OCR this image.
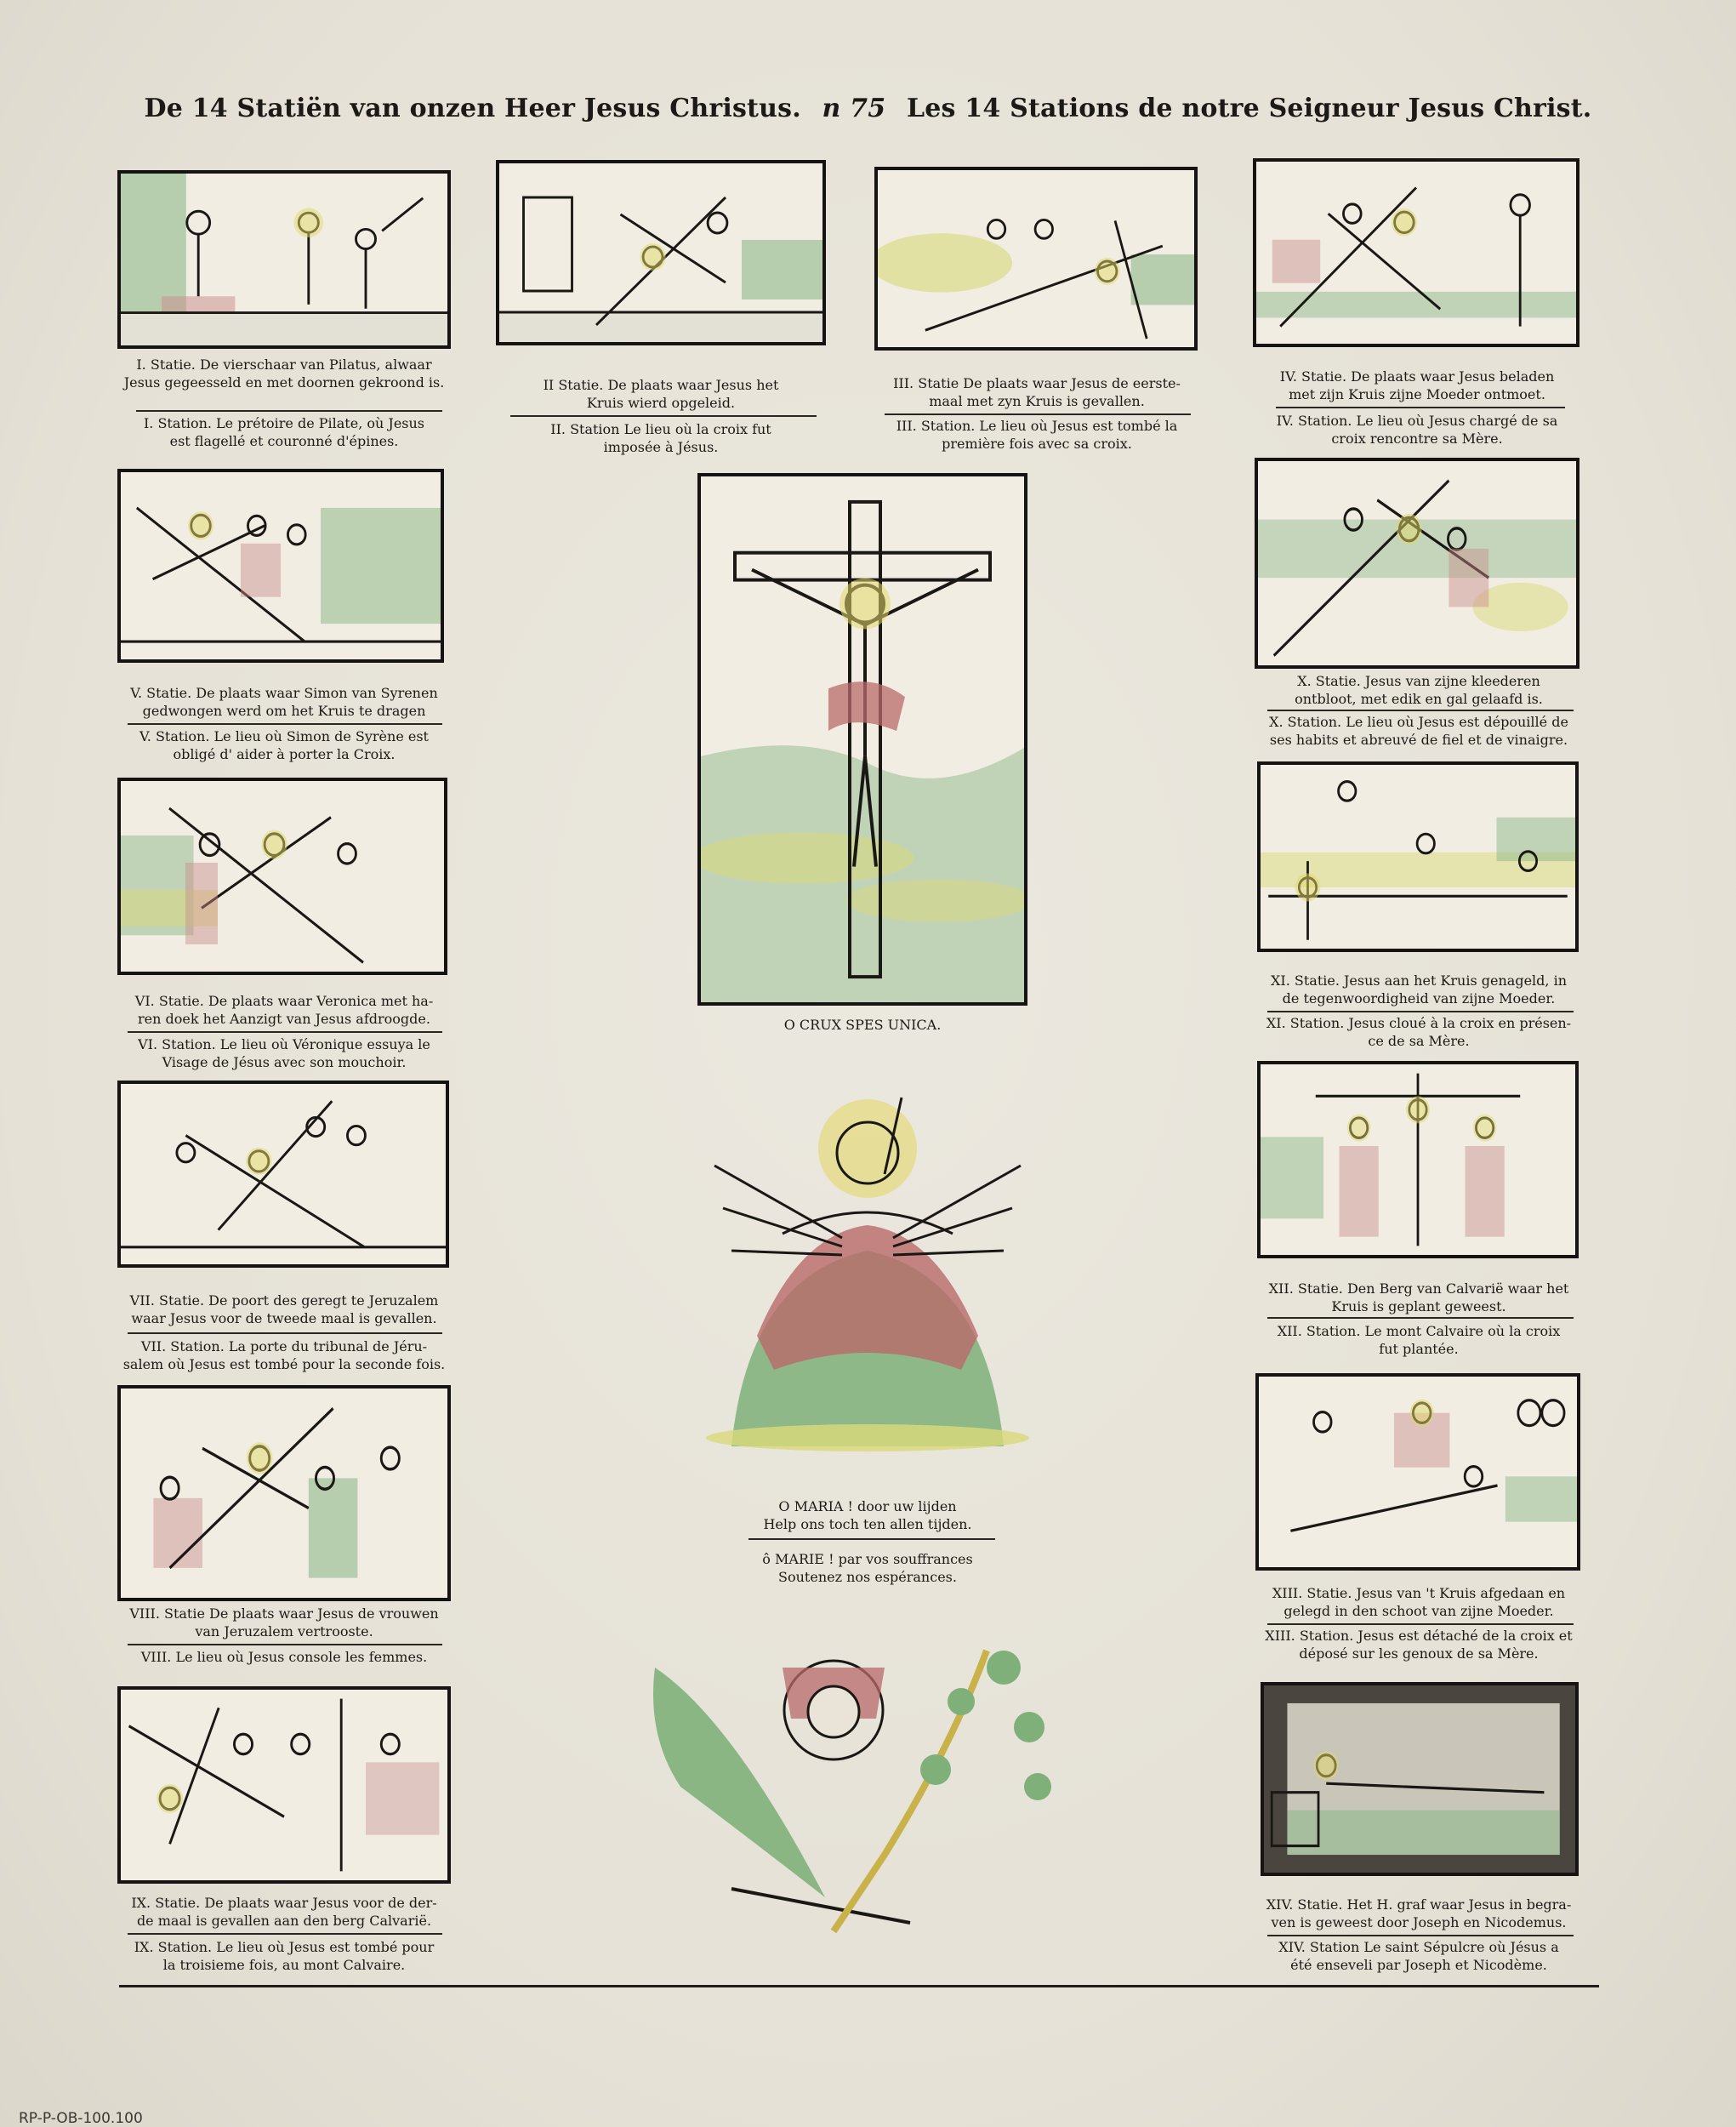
De 14 Statiën van onzen Heer Jesus Christus. n 75 Les 14 Stations de notre Seigneur Jesus Christ.
I. Statie. De vierschaar van Pilatus, alwaar
Jesus gegeesseld en met doornen gekroond is.
I. Station. Le prétoire de Pilate, où Jesus
est flagellé et couronné d'épines.
II Statie. De plaats waar Jesus het
Kruis wierd opgeleid.
II. Station Le lieu où la croix fut
imposée à Jésus.
III. Statie De plaats waar Jesus de eerste-
maal met zyn Kruis is gevallen.
III. Station. Le lieu où Jesus est tombé la
première fois avec sa croix.
IV. Statie. De plaats waar Jesus beladen
met zijn Kruis zijne Moeder ontmoet.
IV. Station. Le lieu où Jesus chargé de sa
croix rencontre sa Mère.
V. Statie. De plaats waar Simon van Syrenen
gedwongen werd om het Kruis te dragen
V. Station. Le lieu où Simon de Syrène est
obligé d' aider à porter la Croix.
VI. Statie. De plaats waar Veronica met ha-
ren doek het Aanzigt van Jesus afdroogde.
VI. Station. Le lieu où Véronique essuya le
Visage de Jésus avec son mouchoir.
VII. Statie. De poort des geregt te Jeruzalem
waar Jesus voor de tweede maal is gevallen.
VII. Station. La porte du tribunal de Jéru-
salem où Jesus est tombé pour la seconde fois.
VIII. Statie De plaats waar Jesus de vrouwen
van Jeruzalem vertrooste.
VIII. Le lieu où Jesus console les femmes.
IX. Statie. De plaats waar Jesus voor de der-
de maal is gevallen aan den berg Calvarië.
IX. Station. Le lieu où Jesus est tombé pour
la troisieme fois, au mont Calvaire.
X. Statie. Jesus van zijne kleederen
ontbloot, met edik en gal gelaafd is.
X. Station. Le lieu où Jesus est dépouillé de
ses habits et abreuvé de fiel et de vinaigre.
XI. Statie. Jesus aan het Kruis genageld, in
de tegenwoordigheid van zijne Moeder.
XI. Station. Jesus cloué à la croix en présen-
ce de sa Mère.
XII. Statie. Den Berg van Calvarië waar het
Kruis is geplant geweest.
XII. Station. Le mont Calvaire où la croix
fut plantée.
XIII. Statie. Jesus van 't Kruis afgedaan en
gelegd in den schoot van zijne Moeder.
XIII. Station. Jesus est détaché de la croix et
déposé sur les genoux de sa Mère.
XIV. Statie. Het H. graf waar Jesus in begra-
ven is geweest door Joseph en Nicodemus.
XIV. Station Le saint Sépulcre où Jésus a
été enseveli par Joseph et Nicodème.
O CRUX SPES UNICA.
O MARIA ! door uw lijden
Help ons toch ten allen tijden.
ô MARIE ! par vos souffrances
Soutenez nos espérances.
RP-P-OB-100.100
